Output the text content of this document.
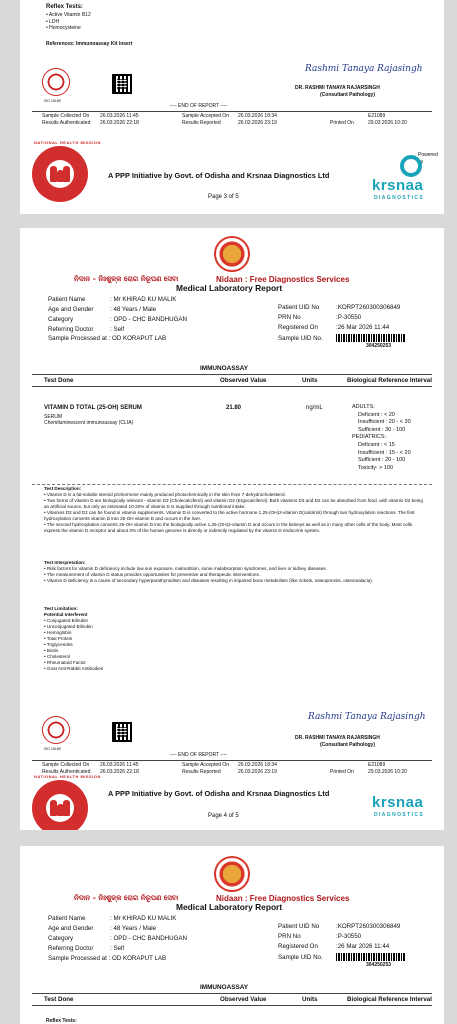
Reflex Tests:
• Active Vitamin B12
• LDH
• Homocysteine
References: Immunoassay Kit insert
ISO 15189
Rashmi Tanaya Rajasingh
DR. RASHMI TANAYA RAJARSINGH
(Consultant Pathology)
---- END OF REPORT ----
Sample Collected On 26.03.2026 11:45
Results Authenticated 26.03.2026 22:18
Sample Accepted On 26.03.2026 18:34
Results Reported	26.03.2026 23:19
E21089
Printed On	29.03.2026 10:20
NATIONAL HEALTH MISSION
A PPP Initiative by Govt. of Odisha and Krsnaa Diagnostics Ltd
Page 3 of 5
Powered by
krsnaa
DIAGNOSTICS
ନିଦାନ – ନିଃଶୁଳ୍କ ରୋଗ ନିରୂପଣ ସେବା	Nidaan : Free Diagnostics Services
Medical Laboratory Report
Patient Name	: Mr KHIRAD KU MALIK
Age and Gender	: 48 Years / Male
Category	: OPD - CHC BANDHUGAN
Referring Doctor	: Self
Sample Processed at : OD KORAPUT LAB
Patient UID No	:KORPT260300306849
PRN No	:P-30550
Registered On	:26 Mar 2026 11:44
Sample UID No.
304250253
IMMUNOASSAY
Test Done	Observed Value	Units	Biological Reference Interval
VITAMIN D TOTAL (25-OH) SERUM
SERUM
Chemiluminescent immunoassay (CLIA)
21.80	ng/mL	ADULTS:
Deficient : < 20
Insufficient : 20 - < 30
Sufficient : 30 - 100
PEDIATRICS:
Deficient : < 15
Insufficient : 15 - < 20
Sufficient : 20 - 100
Toxicity: > 100
Test Description:
• Vitamin D is a fat-soluble steroid prohormone mainly produced photochemically in the skin from 7-dehydrocholesterol.
• Two forms of vitamin D are biologically relevant - vitamin D3 (Cholecalciferol) and vitamin D2 (Ergocalciferol). Both vitamins D3 and D2 can be absorbed from food, with vitamin D2 being an artificial source, but only an estimated 10-20% of vitamin D is supplied through nutritional intake.
• Vitamins D3 and D2 can be found in vitamin supplements. Vitamin D is converted to the active hormone 1,25-(OH)2-vitamin D(calcitriol) through two hydroxylation reactions. The first hydroxylation converts vitamin D into 25-OH vitamin D and occurs in the liver.
• The second hydroxylation converts 25-OH vitamin D into the biologically active 1,25-(OH)2-vitamin D and occurs in the kidneys as well as in many other cells of the body. Most cells express the vitamin D receptor and about 3% of the human genome is directly or indirectly regulated by the vitamin D endocrine system.
Test Interpretation:
• Risk factors for vitamin D deficiency include low sun exposure, malnutrition, some malabsorption syndromes, and liver or kidney diseases.
• The measurement of vitamin D status provides opportunities for preventive and therapeutic interventions.
• Vitamin D deficiency is a cause of secondary hyperparathyroidism and diseases resulting in impaired bone metabolism (like rickets, osteoporosis, osteomalacia).
Test Limitation:
Potential Interferent
• Conjugated Bilirubin
• Unconjugated Bilirubin
• Hemoglobin
• Total Protein
• Triglycerides
• Biotin
• Cholesterol
• Rheumatoid Factor
• Goat Anti-Rabbit Antibodies
ISO 15189
Rashmi Tanaya Rajasingh
DR. RASHMI TANAYA RAJARSINGH
(Consultant Pathology)
---- END OF REPORT ----
Sample Collected On 26.03.2026 11:45
Results Authenticated 26.03.2026 22:18
Sample Accepted On 26.03.2026 18:34
Results Reported	26.03.2026 23:19
E21089
Printed On	29.03.2026 10:20
NATIONAL HEALTH MISSION
A PPP Initiative by Govt. of Odisha and Krsnaa Diagnostics Ltd
Page 4 of 5
krsnaa
DIAGNOSTICS
ନିଦାନ – ନିଃଶୁଳ୍କ ରୋଗ ନିରୂପଣ ସେବା	Nidaan : Free Diagnostics Services
Medical Laboratory Report
Patient Name	: Mr KHIRAD KU MALIK
Age and Gender	: 48 Years / Male
Category	: OPD - CHC BANDHUGAN
Referring Doctor	: Self
Sample Processed at : OD KORAPUT LAB
Patient UID No	:KORPT260300306849
PRN No	:P-30550
Registered On	:26 Mar 2026 11:44
Sample UID No.
304250253
IMMUNOASSAY
Test Done	Observed Value	Units	Biological Reference Interval
Reflex Tests:
